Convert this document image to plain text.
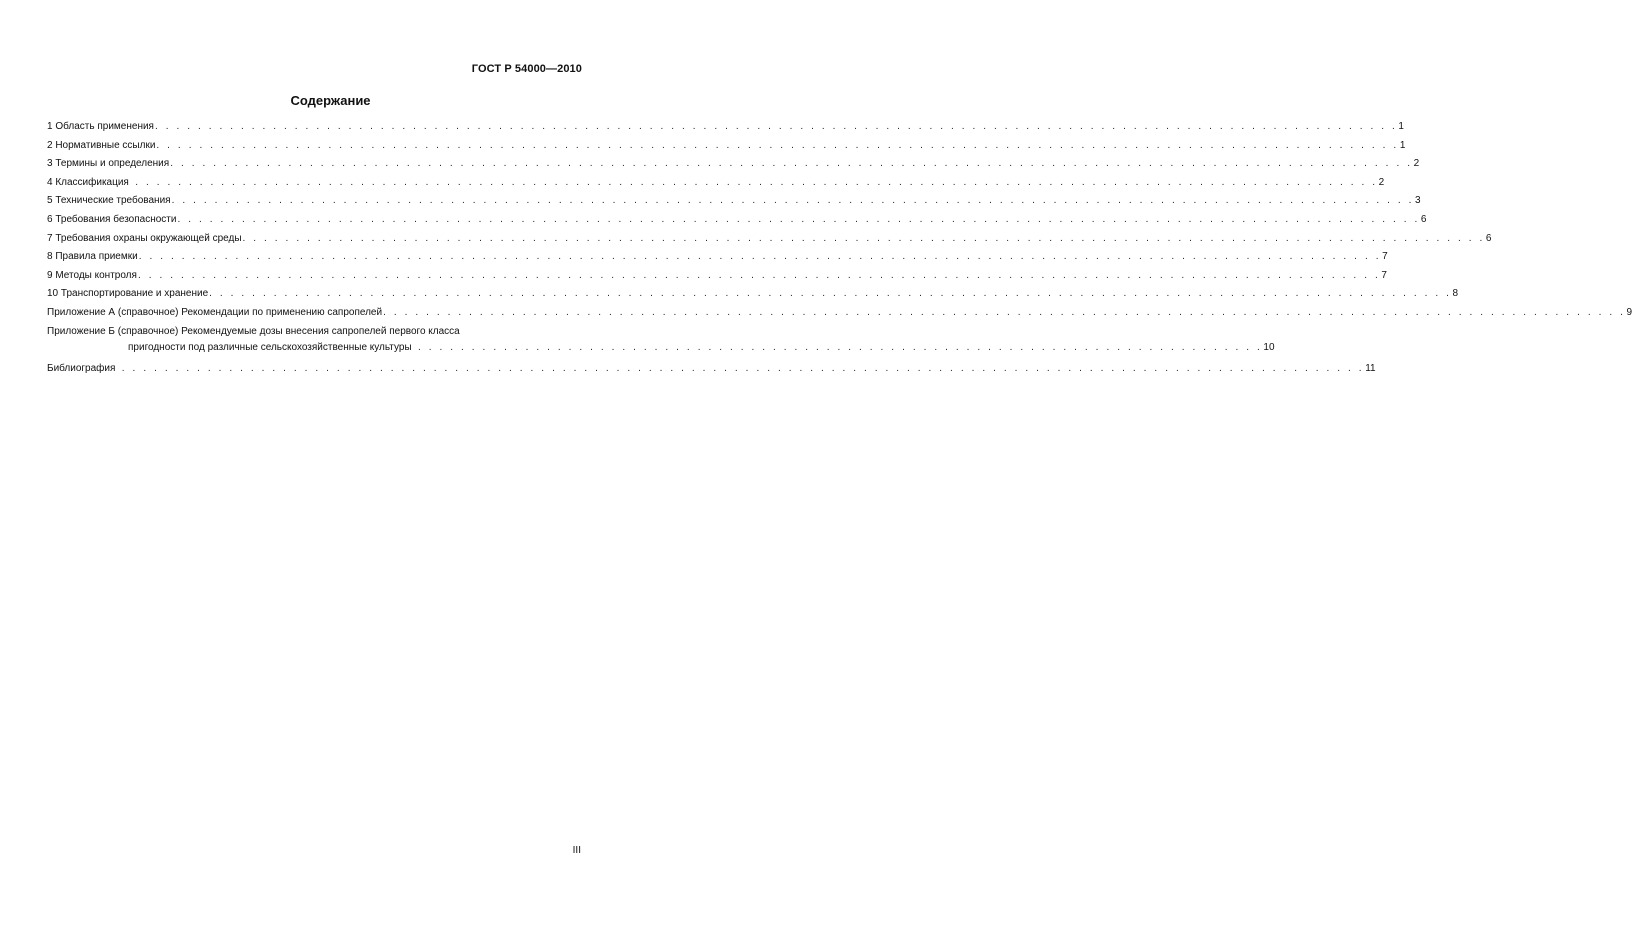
ГОСТ Р 54000—2010
Содержание
1 Область применения . . . . . . . . . . . . . . . . . . . . . . . . . . . . . . . . . . . . . . . . . . . . . . . . . . . . . . . . . . . . . . . . . . . . . . . . . . . . . . . . . . . . . . . . . . . . . . . . . . . . . . . . . . . . . . . . . . . . 1
2 Нормативные ссылки . . . . . . . . . . . . . . . . . . . . . . . . . . . . . . . . . . . . . . . . . . . . . . . . . . . . . . . . . . . . . . . . . . . . . . . . . . . . . . . . . . . . . . . . . . . . . . . . . . . . . . . . . . . . . . . . . . . . 1
3 Термины и определения . . . . . . . . . . . . . . . . . . . . . . . . . . . . . . . . . . . . . . . . . . . . . . . . . . . . . . . . . . . . . . . . . . . . . . . . . . . . . . . . . . . . . . . . . . . . . . . . . . . . . . . . . . . . . . . . . . . . 2
4 Классификация . . . . . . . . . . . . . . . . . . . . . . . . . . . . . . . . . . . . . . . . . . . . . . . . . . . . . . . . . . . . . . . . . . . . . . . . . . . . . . . . . . . . . . . . . . . . . . . . . . . . . . . . . . . . . . . . . . . . 2
5 Технические требования . . . . . . . . . . . . . . . . . . . . . . . . . . . . . . . . . . . . . . . . . . . . . . . . . . . . . . . . . . . . . . . . . . . . . . . . . . . . . . . . . . . . . . . . . . . . . . . . . . . . . . . . . . . . . . . . . . . . 3
6 Требования безопасности . . . . . . . . . . . . . . . . . . . . . . . . . . . . . . . . . . . . . . . . . . . . . . . . . . . . . . . . . . . . . . . . . . . . . . . . . . . . . . . . . . . . . . . . . . . . . . . . . . . . . . . . . . . . . . . . . . . . 6
7 Требования охраны окружающей среды . . . . . . . . . . . . . . . . . . . . . . . . . . . . . . . . . . . . . . . . . . . . . . . . . . . . . . . . . . . . . . . . . . . . . . . . . . . . . . . . . . . . . . . . . . . . . . . . . . . . . . . . . . . . . . . . . . . . 6
8 Правила приемки . . . . . . . . . . . . . . . . . . . . . . . . . . . . . . . . . . . . . . . . . . . . . . . . . . . . . . . . . . . . . . . . . . . . . . . . . . . . . . . . . . . . . . . . . . . . . . . . . . . . . . . . . . . . . . . . . . . . 7
9 Методы контроля . . . . . . . . . . . . . . . . . . . . . . . . . . . . . . . . . . . . . . . . . . . . . . . . . . . . . . . . . . . . . . . . . . . . . . . . . . . . . . . . . . . . . . . . . . . . . . . . . . . . . . . . . . . . . . . . . . . . 7
10 Транспортирование и хранение . . . . . . . . . . . . . . . . . . . . . . . . . . . . . . . . . . . . . . . . . . . . . . . . . . . . . . . . . . . . . . . . . . . . . . . . . . . . . . . . . . . . . . . . . . . . . . . . . . . . . . . . . . . . . . . . . . . . 8
Приложение А (справочное) Рекомендации по применению сапропелей . . . . . . . . . . . . . . . . . . . . . . . . . . . . . . . . . . . . . . . . . . . . . . . . . . . . . . . . . . . . . . . . . . . . . . . . . . . . . . . . . . . . . . . . . . . . . . . . . . . . . . . . . . . . . . . . . . . . 9
Приложение Б (справочное) Рекомендуемые дозы внесения сапропелей первого класса
пригодности под различные сельскохозяйственные культуры . . . . . . . . . . . . . . . . . . . . . . . . . . . . . . . . . . . . . . . . . . . . . . . . . . . . . . . . . . . . . . . . . . . . . . . . . . . . . . . 10
Библиография . . . . . . . . . . . . . . . . . . . . . . . . . . . . . . . . . . . . . . . . . . . . . . . . . . . . . . . . . . . . . . . . . . . . . . . . . . . . . . . . . . . . . . . . . . . . . . . . . . . . . . . . . . . . . . . . . . . . 11
III
